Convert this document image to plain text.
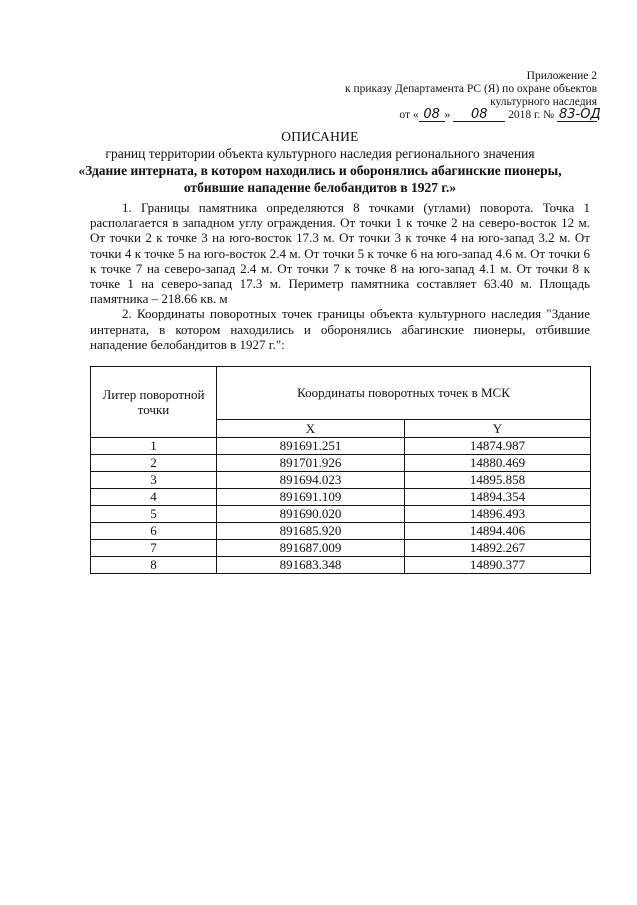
Приложение 2
к приказу Департамента РС (Я) по охране объектов
культурного наследия
от « 08 » 08 2018 г. № 83-ОД
ОПИСАНИЕ
границ территории объекта культурного наследия регионального значения
«Здание интерната, в котором находились и оборонялись абагинские пионеры,
отбившие нападение белобандитов в 1927 г.»

1. Границы памятника определяются 8 точками (углами) поворота. Точка 1 располагается в западном углу ограждения. От точки 1 к точке 2 на северо-восток 12 м. От точки 2 к точке 3 на юго-восток 17.3 м. От точки 3 к точке 4 на юго-запад 3.2 м. От точки 4 к точке 5 на юго-восток 2.4 м. От точки 5 к точке 6 на юго-запад 4.6 м. От точки 6 к точке 7 на северо-запад 2.4 м. От точки 7 к точке 8 на юго-запад 4.1 м. От точки 8 к точке 1 на северо-запад 17.3 м. Периметр памятника составляет 63.40 м. Площадь памятника – 218.66 кв. м

2. Координаты поворотных точек границы объекта культурного наследия "Здание интерната, в котором находились и оборонялись абагинские пионеры, отбившие нападение белобандитов в 1927 г.":

Литер поворотной точки	Координаты поворотных точек в МСК	
	X	Y
1	891691.251	14874.987
2	891701.926	14880.469
3	891694.023	14895.858
4	891691.109	14894.354
5	891690.020	14896.493
6	891685.920	14894.406
7	891687.009	14892.267
8	891683.348	14890.377
